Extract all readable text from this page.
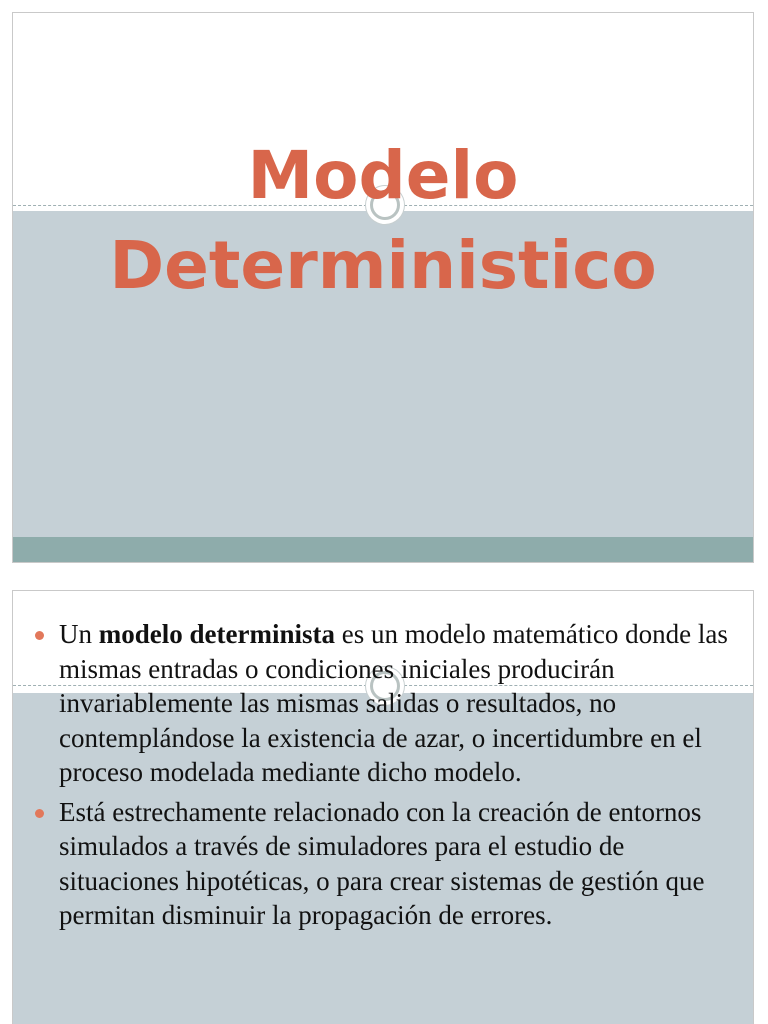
Modelo
Deterministico
Un modelo determinista es un modelo matemático donde las mismas entradas o condiciones iniciales producirán invariablemente las mismas salidas o resultados, no contemplándose la existencia de azar, o incertidumbre en el proceso modelada mediante dicho modelo.
Está estrechamente relacionado con la creación de entornos simulados a través de simuladores para el estudio de situaciones hipotéticas, o para crear sistemas de gestión que permitan disminuir la propagación de errores.
